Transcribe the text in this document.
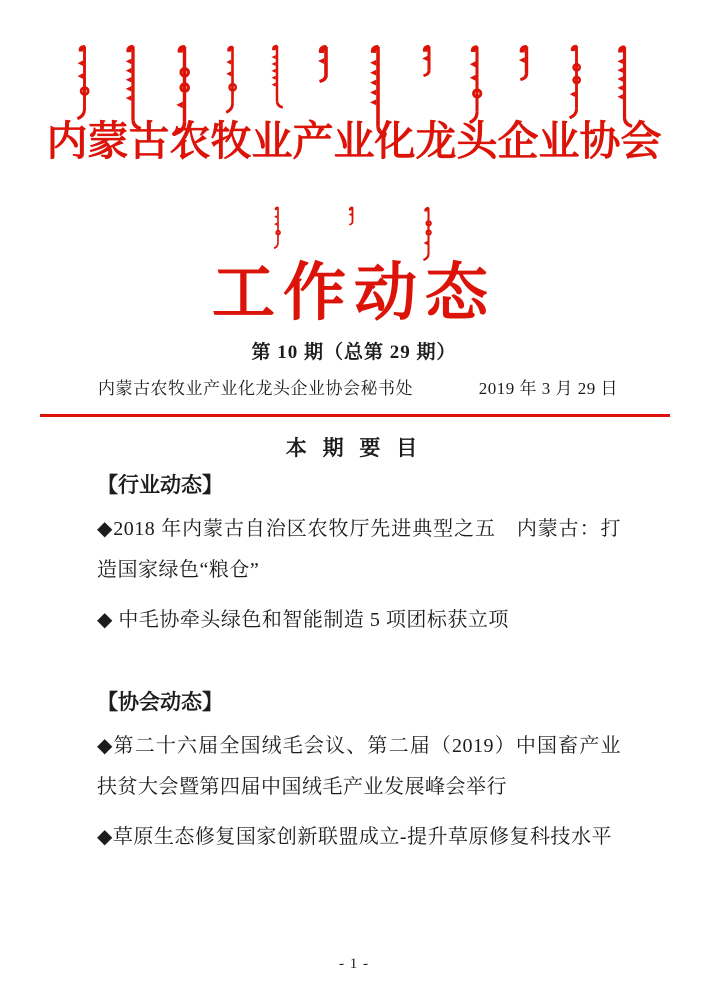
内蒙古农牧业产业化龙头企业协会
工作动态
第 10 期（总第 29 期）
内蒙古农牧业产业化龙头企业协会秘书处	2019 年 3 月 29 日
本 期 要 目
【行业动态】

◆2018 年内蒙古自治区农牧厅先进典型之五　内蒙古：打造国家绿色“粮仓”

◆ 中毛协牵头绿色和智能制造 5 项团标获立项

【协会动态】

◆第二十六届全国绒毛会议、第二届（2019）中国畜产业扶贫大会暨第四届中国绒毛产业发展峰会举行

◆草原生态修复国家创新联盟成立-提升草原修复科技水平

- 1 -
